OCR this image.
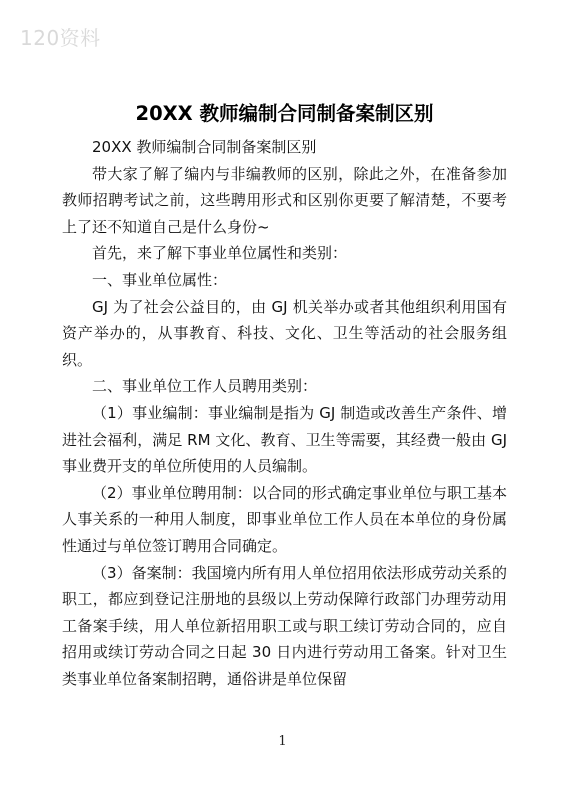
120资料
20XX 教师编制合同制备案制区别

20XX 教师编制合同制备案制区别

带大家了解了编内与非编教师的区别，除此之外，在准备参加教师招聘考试之前，这些聘用形式和区别你更要了解清楚，不要考上了还不知道自己是什么身份~

首先，来了解下事业单位属性和类别：

一、事业单位属性：

GJ 为了社会公益目的，由 GJ 机关举办或者其他组织利用国有资产举办的，从事教育、科技、文化、卫生等活动的社会服务组织。

二、事业单位工作人员聘用类别：

（1）事业编制：事业编制是指为 GJ 制造或改善生产条件、增进社会福利，满足 RM 文化、教育、卫生等需要，其经费一般由 GJ 事业费开支的单位所使用的人员编制。

（2）事业单位聘用制：以合同的形式确定事业单位与职工基本人事关系的一种用人制度，即事业单位工作人员在本单位的身份属性通过与单位签订聘用合同确定。

（3）备案制：我国境内所有用人单位招用依法形成劳动关系的职工，都应到登记注册地的县级以上劳动保障行政部门办理劳动用工备案手续，用人单位新招用职工或与职工续订劳动合同的，应自招用或续订劳动合同之日起 30 日内进行劳动用工备案。针对卫生类事业单位备案制招聘，通俗讲是单位保留

1
